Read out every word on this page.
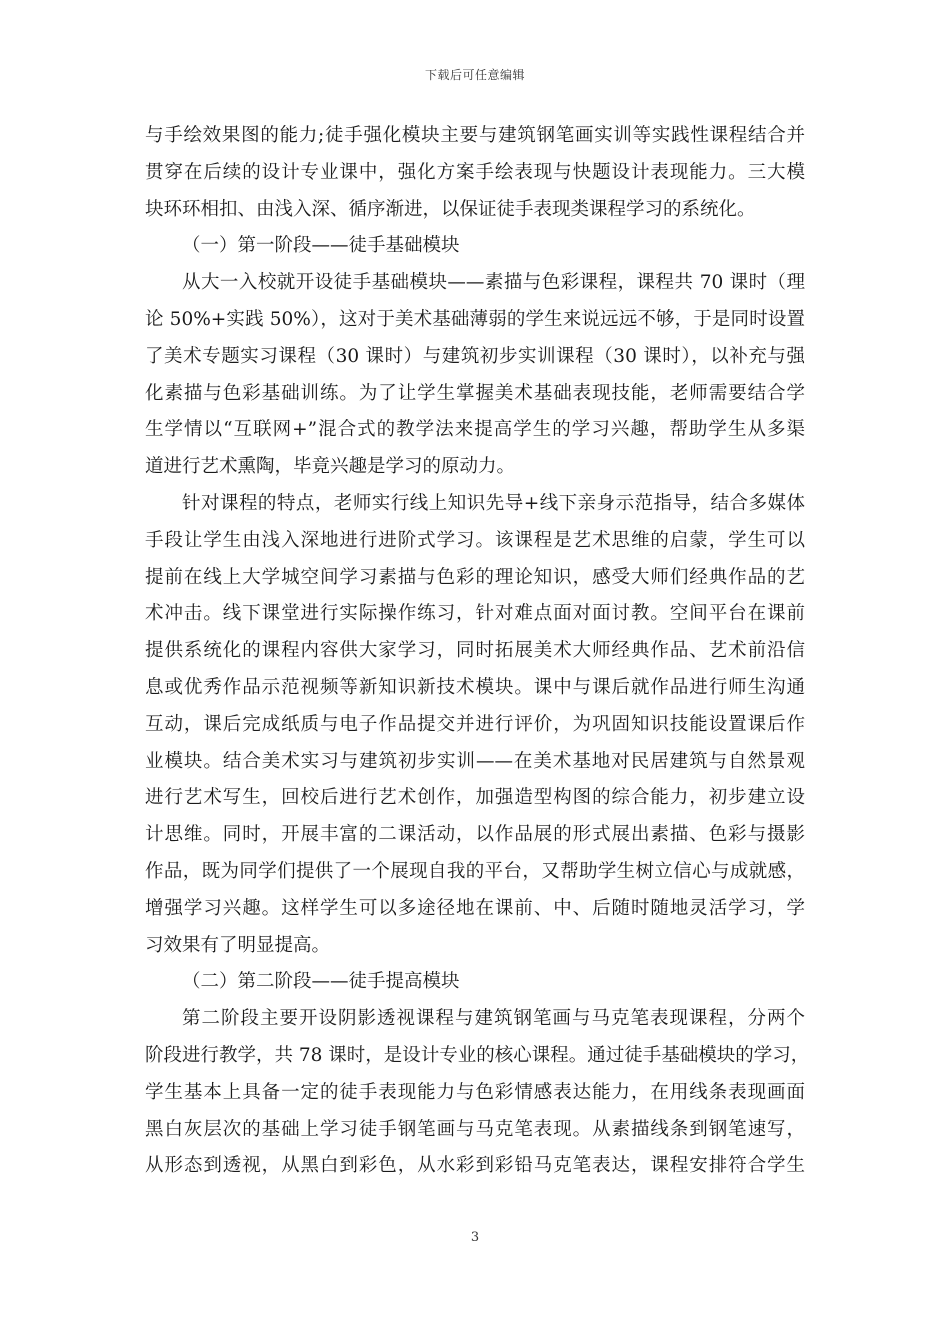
下载后可任意编辑
与手绘效果图的能力;徒手强化模块主要与建筑钢笔画实训等实践性课程结合并
贯穿在后续的设计专业课中，强化方案手绘表现与快题设计表现能力。三大模
块环环相扣、由浅入深、循序渐进，以保证徒手表现类课程学习的系统化。
（一）第一阶段——徒手基础模块
从大一入校就开设徒手基础模块——素描与色彩课程，课程共 70 课时（理
论 50%+实践 50%），这对于美术基础薄弱的学生来说远远不够，于是同时设置
了美术专题实习课程（30 课时）与建筑初步实训课程（30 课时），以补充与强
化素描与色彩基础训练。为了让学生掌握美术基础表现技能，老师需要结合学
生学情以“互联网+”混合式的教学法来提高学生的学习兴趣，帮助学生从多渠
道进行艺术熏陶，毕竟兴趣是学习的原动力。
针对课程的特点，老师实行线上知识先导+线下亲身示范指导，结合多媒体
手段让学生由浅入深地进行进阶式学习。该课程是艺术思维的启蒙，学生可以
提前在线上大学城空间学习素描与色彩的理论知识，感受大师们经典作品的艺
术冲击。线下课堂进行实际操作练习，针对难点面对面讨教。空间平台在课前
提供系统化的课程内容供大家学习，同时拓展美术大师经典作品、艺术前沿信
息或优秀作品示范视频等新知识新技术模块。课中与课后就作品进行师生沟通
互动，课后完成纸质与电子作品提交并进行评价，为巩固知识技能设置课后作
业模块。结合美术实习与建筑初步实训——在美术基地对民居建筑与自然景观
进行艺术写生，回校后进行艺术创作，加强造型构图的综合能力，初步建立设
计思维。同时，开展丰富的二课活动，以作品展的形式展出素描、色彩与摄影
作品，既为同学们提供了一个展现自我的平台，又帮助学生树立信心与成就感，
增强学习兴趣。这样学生可以多途径地在课前、中、后随时随地灵活学习，学
习效果有了明显提高。
（二）第二阶段——徒手提高模块
第二阶段主要开设阴影透视课程与建筑钢笔画与马克笔表现课程，分两个
阶段进行教学，共 78 课时，是设计专业的核心课程。通过徒手基础模块的学习，
学生基本上具备一定的徒手表现能力与色彩情感表达能力，在用线条表现画面
黑白灰层次的基础上学习徒手钢笔画与马克笔表现。从素描线条到钢笔速写，
从形态到透视，从黑白到彩色，从水彩到彩铅马克笔表达，课程安排符合学生
3
